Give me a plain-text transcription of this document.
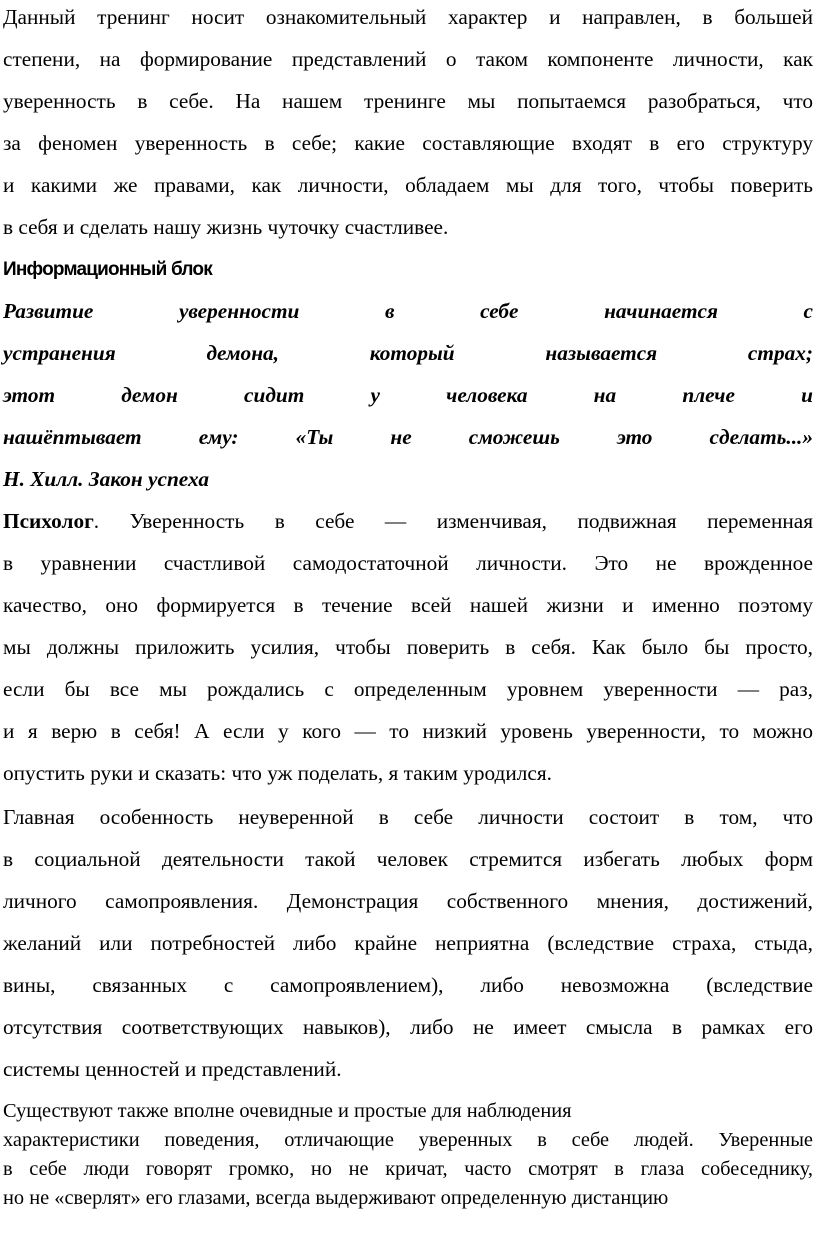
Данный тренинг носит ознакомительный характер и направлен, в большей
степени, на формирование представлений о таком компоненте личности, как
уверенность в себе. На нашем тренинге мы попытаемся разобраться, что
за феномен уверенность в себе; какие составляющие входят в его структуру
и какими же правами, как личности, обладаем мы для того, чтобы поверить
в себя и сделать нашу жизнь чуточку счастливее.
Информационный блок
Развитие уверенности в себе начинается с
устранения демона, который называется страх;
этот демон сидит у человека на плече и
нашёптывает ему: «Ты не сможешь это сделать...»
Н. Хилл. Закон успеха
Психолог. Уверенность в себе — изменчивая, подвижная переменная
в уравнении счастливой самодостаточной личности. Это не врожденное
качество, оно формируется в течение всей нашей жизни и именно поэтому
мы должны приложить усилия, чтобы поверить в себя. Как было бы просто,
если бы все мы рождались с определенным уровнем уверенности — раз,
и я верю в себя! А если у кого — то низкий уровень уверенности, то можно
опустить руки и сказать: что уж поделать, я таким уродился.
Главная особенность неуверенной в себе личности состоит в том, что
в социальной деятельности такой человек стремится избегать любых форм
личного самопроявления. Демонстрация собственного мнения, достижений,
желаний или потребностей либо крайне неприятна (вследствие страха, стыда,
вины, связанных с самопроявлением), либо невозможна (вследствие
отсутствия соответствующих навыков), либо не имеет смысла в рамках его
системы ценностей и представлений.
Существуют также вполне очевидные и простые для наблюдения
характеристики поведения, отличающие уверенных в себе людей. Уверенные
в себе люди говорят громко, но не кричат, часто смотрят в глаза собеседнику,
но не «сверлят» его глазами, всегда выдерживают определенную дистанцию
